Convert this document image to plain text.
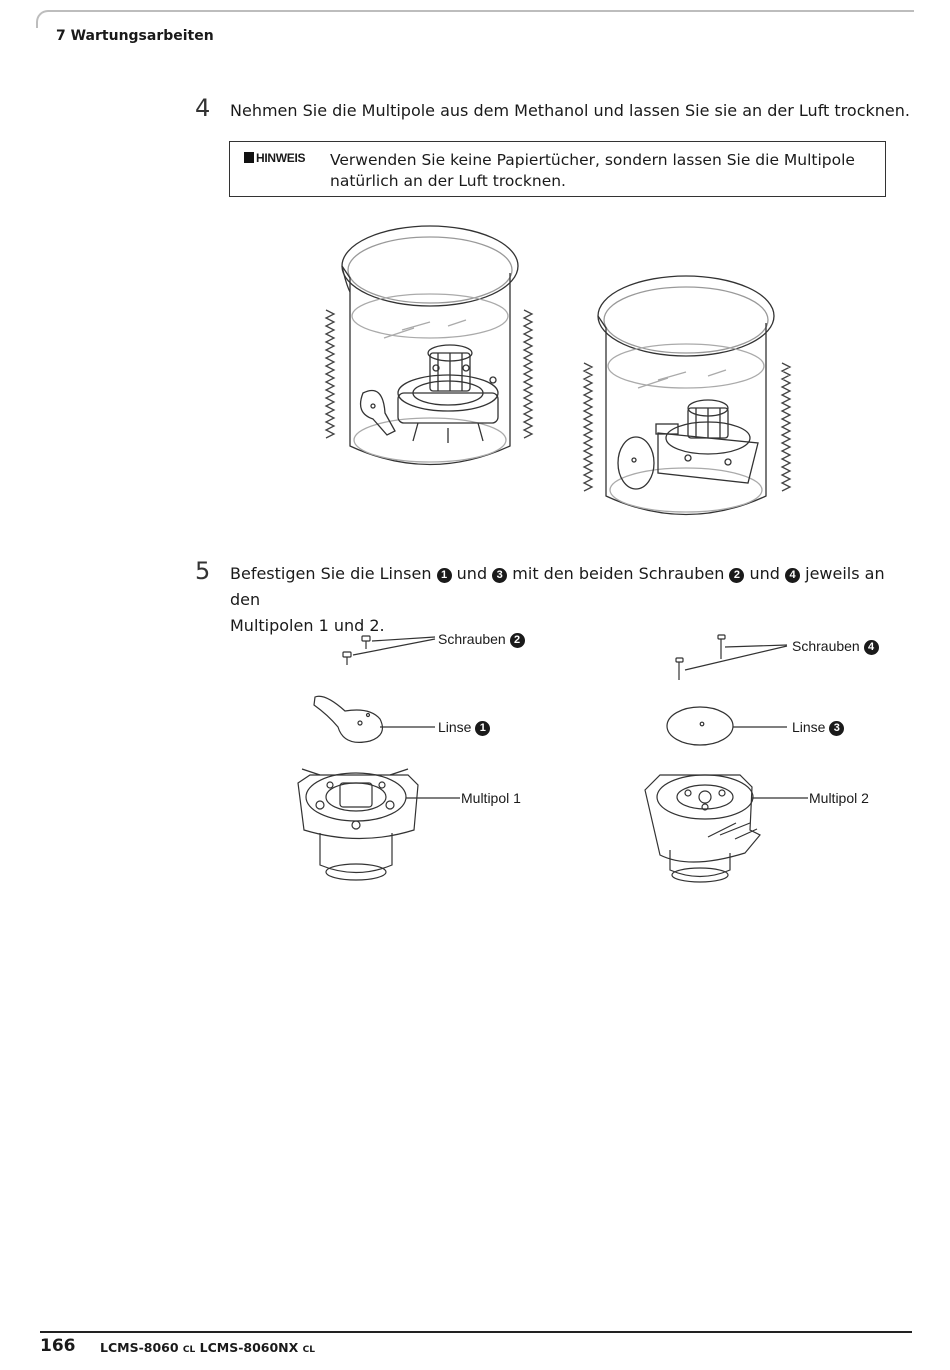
7 Wartungsarbeiten
4 Nehmen Sie die Multipole aus dem Methanol und lassen Sie sie an der Luft trocknen.
HINWEIS Verwenden Sie keine Papiertücher, sondern lassen Sie die Multipole natürlich an der Luft trocknen.
5 Befestigen Sie die Linsen 1 und 3 mit den beiden Schrauben 2 und 4 jeweils an den
Multipolen 1 und 2.
Schrauben 2
Linse 1
Multipol 1
Schrauben 4
Linse 3
Multipol 2
166 LCMS-8060 CL LCMS-8060NX CL
